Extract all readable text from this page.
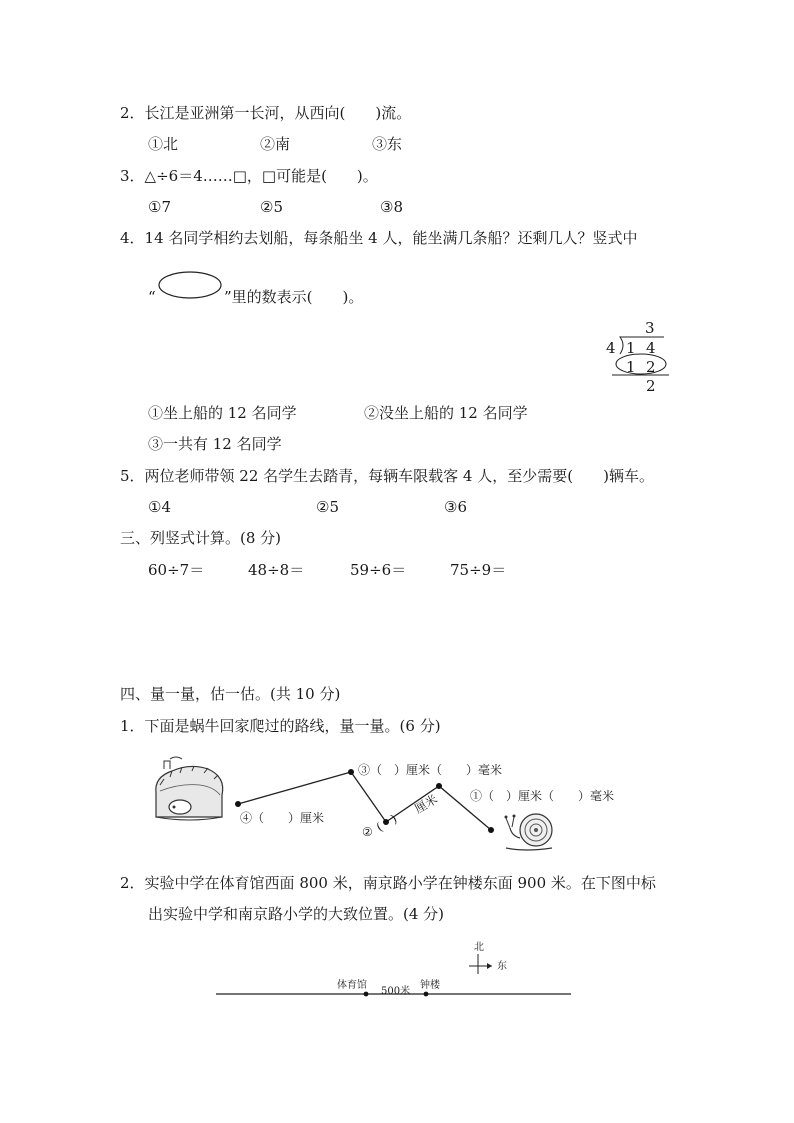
2．长江是亚洲第一长河，从西向(　　)流。
①北	②南	③东
3．△÷6＝4……□，□可能是(　　)。
①7	②5	③8
4．14 名同学相约去划船，每条船坐 4 人，能坐满几条船？还剩几人？竖式中
“	”里的数表示(　　)。
3
4 1 4
1 2
2
①坐上船的 12 名同学	②没坐上船的 12 名同学
③一共有 12 名同学
5．两位老师带领 22 名学生去踏青，每辆车限载客 4 人，至少需要(　　)辆车。
①4	②5	③6
三、列竖式计算。(8 分)
60÷7＝	48÷8＝	59÷6＝	75÷9＝
四、量一量，估一估。(共 10 分)
1．下面是蜗牛回家爬过的路线，量一量。(6 分)
③（　）厘米（　　）毫米
①（　）厘米（　　）毫米
④（　　）厘米
② (　)
厘米
2．实验中学在体育馆西面 800 米，南京路小学在钟楼东面 900 米。在下图中标
出实验中学和南京路小学的大致位置。(4 分)
北
东
体育馆	钟楼
500米
